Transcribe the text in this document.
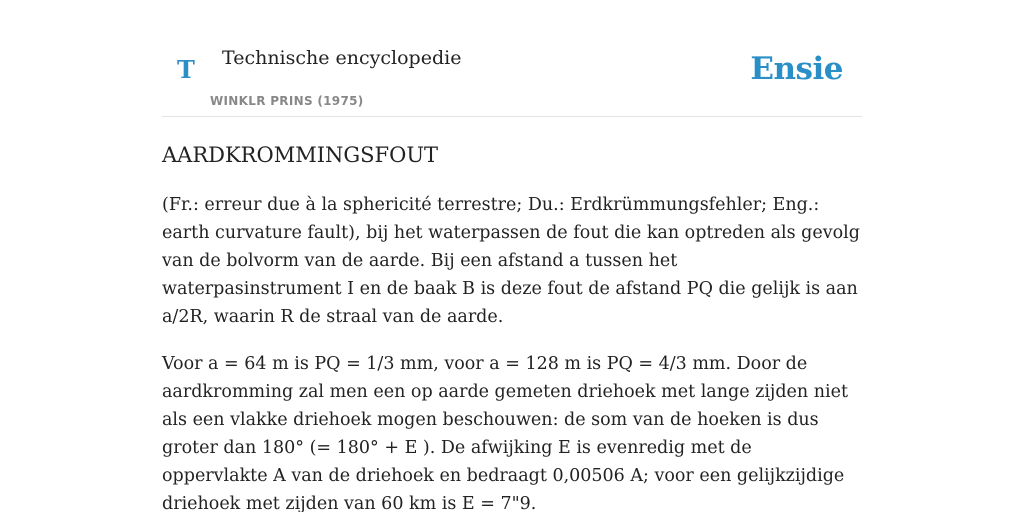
T Technische encyclopedie
WINKLR PRINS (1975)
Ensie
AARDKROMMINGSFOUT

(Fr.: erreur due à la sphericité terrestre; Du.: Erdkrümmungsfehler; Eng.: earth curvature fault), bij het waterpassen de fout die kan optreden als gevolg van de bolvorm van de aarde. Bij een afstand a tussen het waterpasinstrument I en de baak B is deze fout de afstand PQ die gelijk is aan a/2R, waarin R de straal van de aarde.

Voor a = 64 m is PQ = 1/3 mm, voor a = 128 m is PQ = 4/3 mm. Door de aardkromming zal men een op aarde gemeten driehoek met lange zijden niet als een vlakke driehoek mogen beschouwen: de som van de hoeken is dus groter dan 180° (= 180° + E ). De afwijking E is evenredig met de oppervlakte A van de driehoek en bedraagt 0,00506 A; voor een gelijkzijdige driehoek met zijden van 60 km is E = 7"9.
